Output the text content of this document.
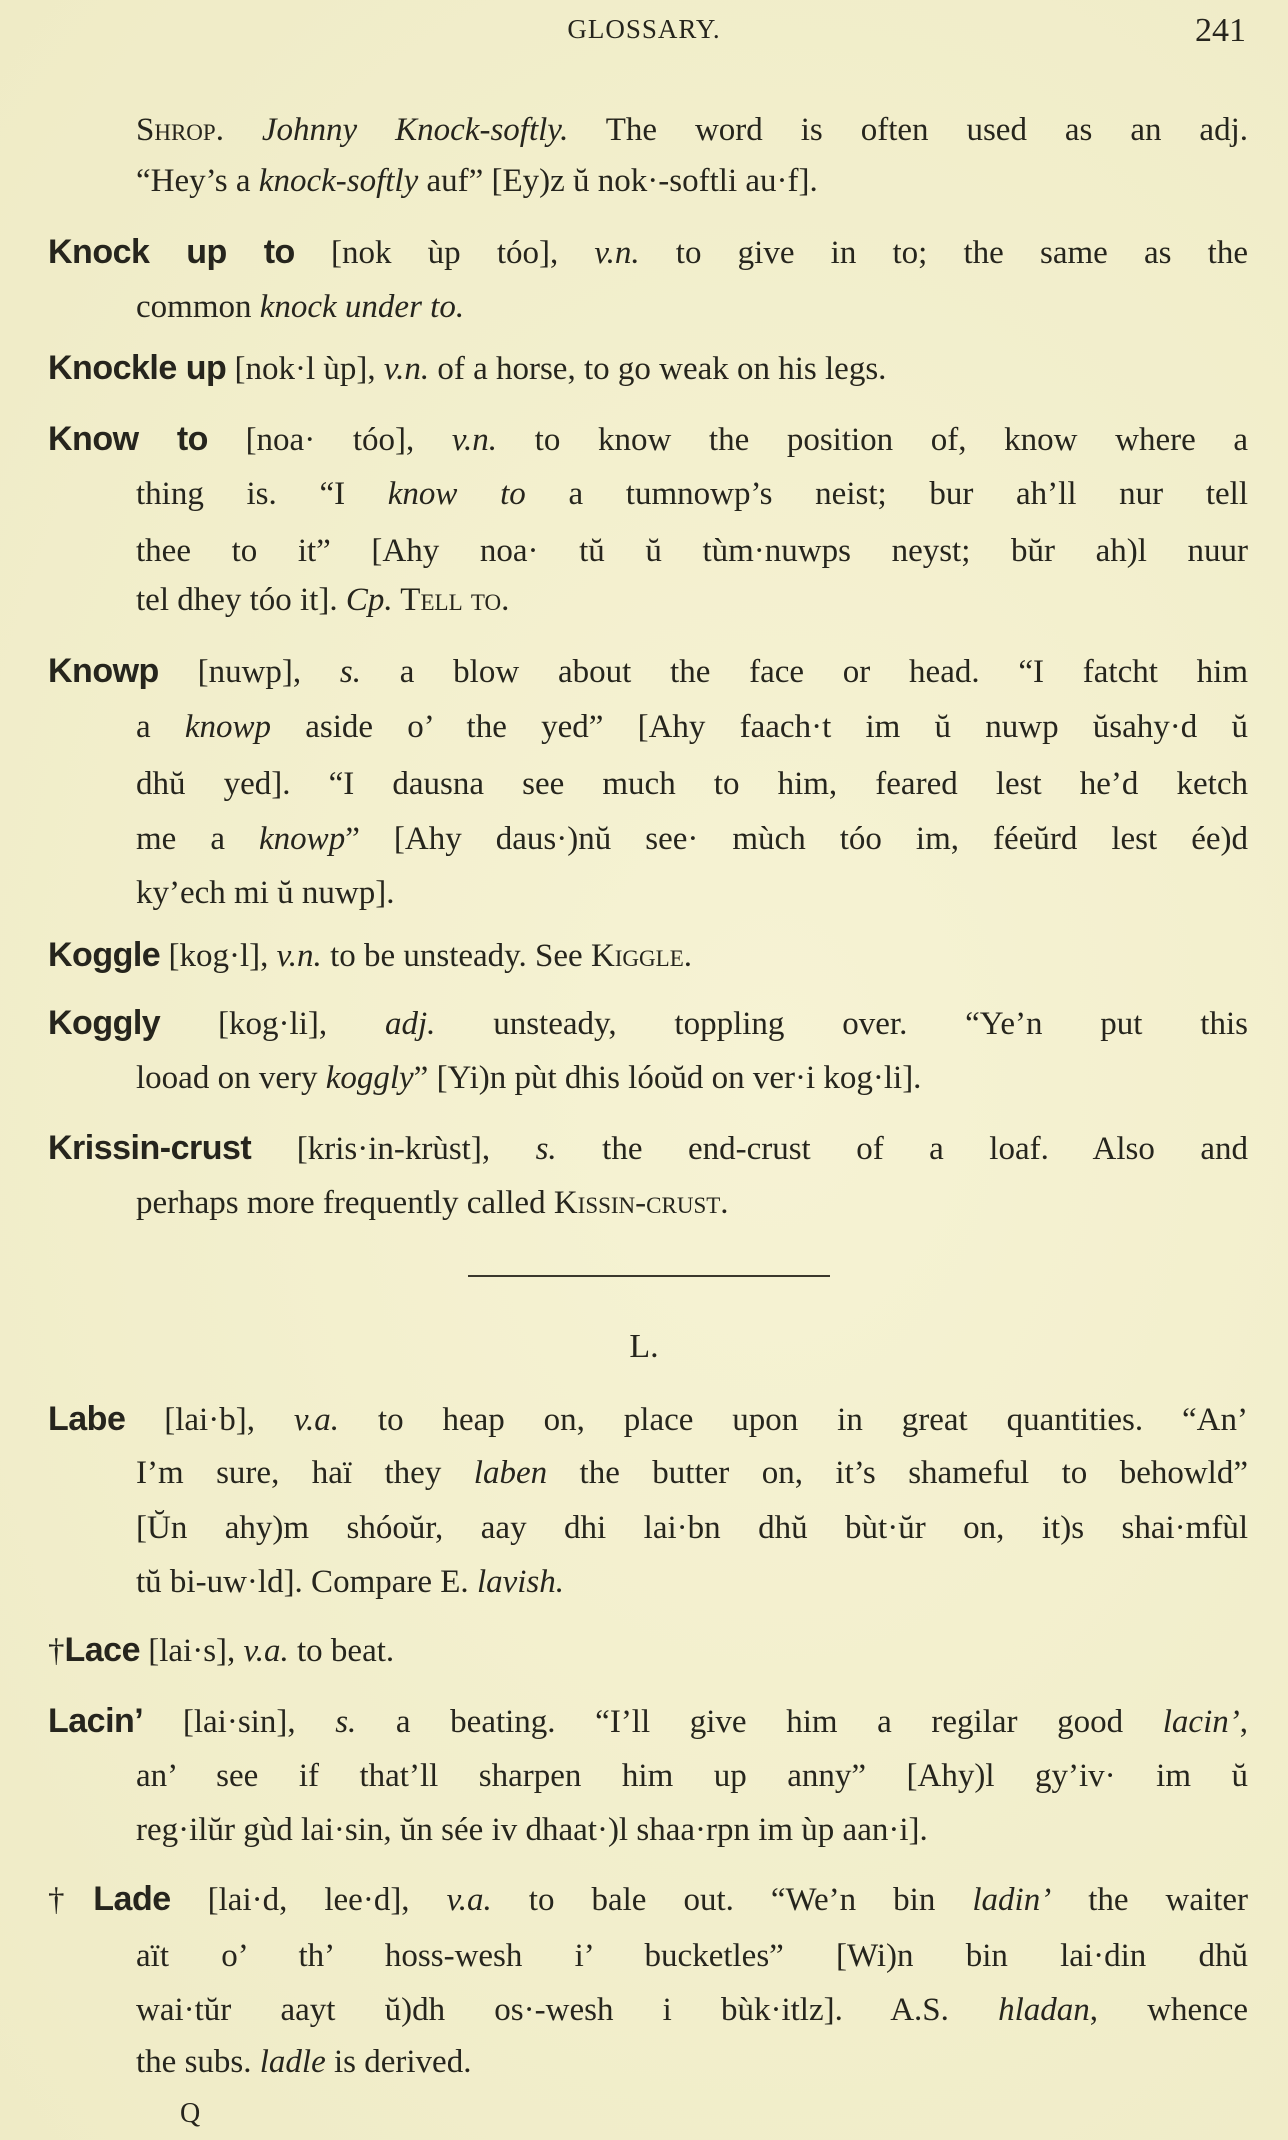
GLOSSARY.	241
Shrop. Johnny Knock-softly. The word is often used as an adj.
“Hey’s a knock-softly auf” [Ey)z ŭ nok·-softli au·f].
Knock up to [nok ùp tóo], v.n. to give in to; the same as the
common knock under to.
Knockle up [nok·l ùp], v.n. of a horse, to go weak on his legs.
Know to [noa· tóo], v.n. to know the position of, know where a
thing is. “I know to a tumnowp’s neist; bur ah’ll nur tell
thee to it” [Ahy noa· tŭ ŭ tùm·nuwps neyst; bŭr ah)l nuur
tel dhey tóo it]. Cp. Tell to.
Knowp [nuwp], s. a blow about the face or head. “I fatcht him
a knowp aside o’ the yed” [Ahy faach·t im ŭ nuwp ŭsahy·d ŭ
dhŭ yed]. “I dausna see much to him, feared lest he’d ketch
me a knowp” [Ahy daus·)nŭ see· mùch tóo im, féeŭrd lest ée)d
ky’ech mi ŭ nuwp].
Koggle [kog·l], v.n. to be unsteady. See Kiggle.
Koggly [kog·li], adj. unsteady, toppling over. “Ye’n put this
looad on very koggly” [Yi)n pùt dhis lóoŭd on ver·i kog·li].
Krissin-crust [kris·in-krùst], s. the end-crust of a loaf. Also and
perhaps more frequently called Kissin-crust.
Labe [lai·b], v.a. to heap on, place upon in great quantities. “An’
I’m sure, haï they laben the butter on, it’s shameful to behowld”
[Ŭn ahy)m shóoŭr, aay dhi lai·bn dhŭ bùt·ŭr on, it)s shai·mfùl
tŭ bi-uw·ld]. Compare E. lavish.
†Lace [lai·s], v.a. to beat.
Lacin’ [lai·sin], s. a beating. “I’ll give him a regilar good lacin’,
an’ see if that’ll sharpen him up anny” [Ahy)l gy’iv· im ŭ
reg·ilŭr gùd lai·sin, ŭn sée iv dhaat·)l shaa·rpn im ùp aan·i].
†Lade [lai·d, lee·d], v.a. to bale out. “We’n bin ladin’ the waiter
aït o’ th’ hoss-wesh i’ bucketles” [Wi)n bin lai·din dhŭ
wai·tŭr aayt ŭ)dh os·-wesh i bùk·itlz]. A.S. hladan, whence
the subs. ladle is derived.
L.
Q
